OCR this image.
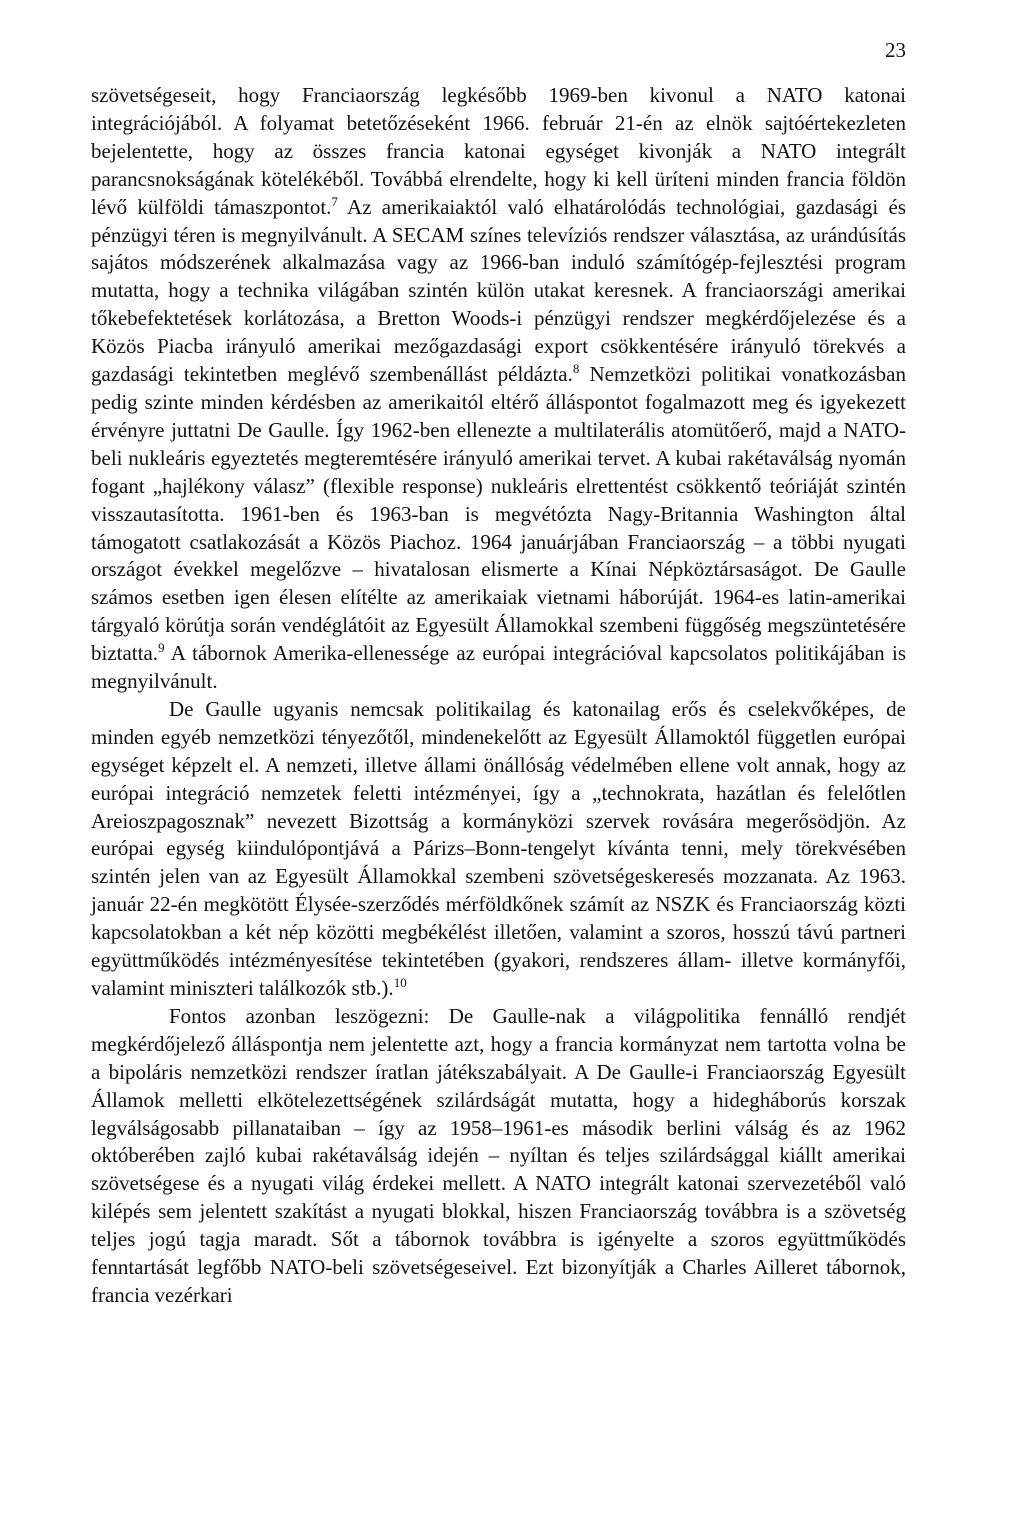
23

szövetségeseit, hogy Franciaország legkésőbb 1969-ben kivonul a NATO katonai integrációjából. A folyamat betetőzéseként 1966. február 21-én az elnök sajtóértekezleten bejelentette, hogy az összes francia katonai egységet kivonják a NATO integrált parancsnokságának kötelékéből. Továbbá elrendelte, hogy ki kell üríteni minden francia földön lévő külföldi támaszpontot.$^7$ Az amerikaiaktól való elhatárolódás technológiai, gazdasági és pénzügyi téren is megnyilvánult. A SECAM színes televíziós rendszer választása, az urándúsítás sajátos módszerének alkalmazása vagy az 1966-ban induló számítógép-fejlesztési program mutatta, hogy a technika világában szintén külön utakat keresnek. A franciaországi amerikai tőkebefektetések korlátozása, a Bretton Woods-i pénzügyi rendszer megkérdőjelezése és a Közös Piacba irányuló amerikai mezőgazdasági export csökkentésére irányuló törekvés a gazdasági tekintetben meglévő szembenállást példázta.$^8$ Nemzetközi politikai vonatkozásban pedig szinte minden kérdésben az amerikaitól eltérő álláspontot fogalmazott meg és igyekezett érvényre juttatni De Gaulle. Így 1962-ben ellenezte a multilaterális atomütőerő, majd a NATO-beli nukleáris egyeztetés megteremtésére irányuló amerikai tervet. A kubai rakétaválság nyomán fogant „hajlékony válasz” (flexible response) nukleáris elrettentést csökkentő teóriáját szintén visszautasította. 1961-ben és 1963-ban is megvétózta Nagy-Britannia Washington által támogatott csatlakozását a Közös Piachoz. 1964 januárjában Franciaország – a többi nyugati országot évekkel megelőzve – hivatalosan elismerte a Kínai Népköztársaságot. De Gaulle számos esetben igen élesen elítélte az amerikaiak vietnami háborúját. 1964-es latin-amerikai tárgyaló körútja során vendéglátóit az Egyesült Államokkal szembeni függőség megszüntetésére biztatta.$^9$ A tábornok Amerika-ellenessége az európai integrációval kapcsolatos politikájában is megnyilvánult.

De Gaulle ugyanis nemcsak politikailag és katonailag erős és cselekvőképes, de minden egyéb nemzetközi tényezőtől, mindenekelőtt az Egyesült Államoktól független európai egységet képzelt el. A nemzeti, illetve állami önállóság védelmében ellene volt annak, hogy az európai integráció nemzetek feletti intézményei, így a „technokrata, hazátlan és felelőtlen Areioszpagosznak” nevezett Bizottság a kormányközi szervek rovására megerősödjön. Az európai egység kiindulópontjává a Párizs–Bonn-tengelyt kívánta tenni, mely törekvésében szintén jelen van az Egyesült Államokkal szembeni szövetségeskeresés mozzanata. Az 1963. január 22-én megkötött Élysée-szerződés mérföldkőnek számít az NSZK és Franciaország közti kapcsolatokban a két nép közötti megbékélést illetően, valamint a szoros, hosszú távú partneri együttműködés intézményesítése tekintetében (gyakori, rendszeres állam- illetve kormányfői, valamint miniszteri találkozók stb.).$^{10}$

Fontos azonban leszögezni: De Gaulle-nak a világpolitika fennálló rendjét megkérdőjelező álláspontja nem jelentette azt, hogy a francia kormányzat nem tartotta volna be a bipoláris nemzetközi rendszer íratlan játékszabályait. A De Gaulle-i Franciaország Egyesült Államok melletti elkötelezettségének szilárdságát mutatta, hogy a hidegháborús korszak legválságosabb pillanataiban – így az 1958–1961-es második berlini válság és az 1962 októberében zajló kubai rakétaválság idején – nyíltan és teljes szilárdsággal kiállt amerikai szövetségese és a nyugati világ érdekei mellett. A NATO integrált katonai szervezetéből való kilépés sem jelentett szakítást a nyugati blokkal, hiszen Franciaország továbbra is a szövetség teljes jogú tagja maradt. Sőt a tábornok továbbra is igényelte a szoros együttműködés fenntartását legfőbb NATO-beli szövetségeseivel. Ezt bizonyítják a Charles Ailleret tábornok, francia vezérkari
